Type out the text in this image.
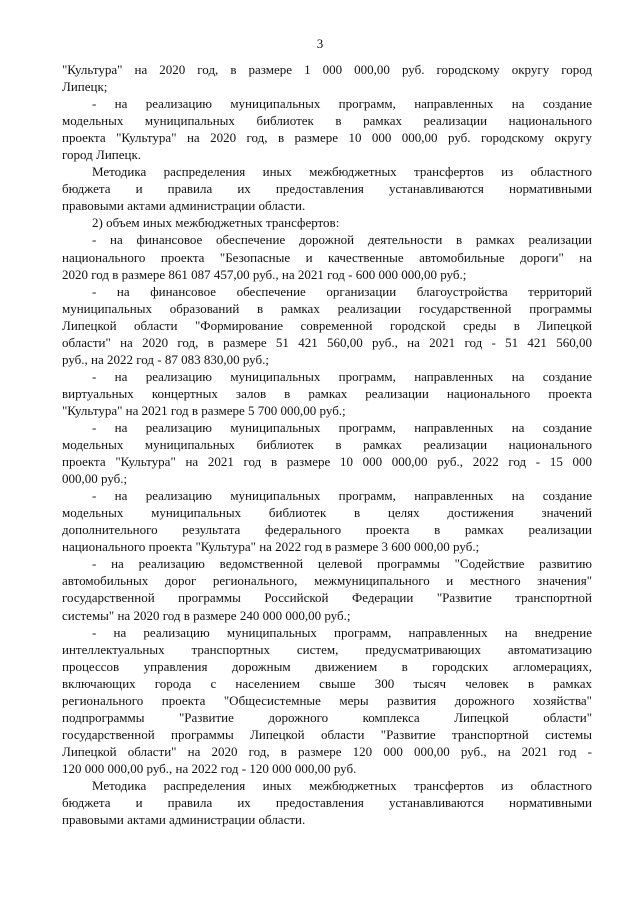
3
"Культура" на 2020 год, в размере 1 000 000,00 руб. городскому округу город
Липецк;
- на реализацию муниципальных программ, направленных на создание
модельных муниципальных библиотек в рамках реализации национального
проекта "Культура" на 2020 год, в размере 10 000 000,00 руб. городскому округу
город Липецк.
Методика распределения иных межбюджетных трансфертов из областного
бюджета и правила их предоставления устанавливаются нормативными
правовыми актами администрации области.
2) объем иных межбюджетных трансфертов:
- на финансовое обеспечение дорожной деятельности в рамках реализации
национального проекта "Безопасные и качественные автомобильные дороги" на
2020 год в размере 861 087 457,00 руб., на 2021 год - 600 000 000,00 руб.;
- на финансовое обеспечение организации благоустройства территорий
муниципальных образований в рамках реализации государственной программы
Липецкой области "Формирование современной городской среды в Липецкой
области" на 2020 год, в размере 51 421 560,00 руб., на 2021 год - 51 421 560,00
руб., на 2022 год - 87 083 830,00 руб.;
- на реализацию муниципальных программ, направленных на создание
виртуальных концертных залов в рамках реализации национального проекта
"Культура" на 2021 год в размере 5 700 000,00 руб.;
- на реализацию муниципальных программ, направленных на создание
модельных муниципальных библиотек в рамках реализации национального
проекта "Культура" на 2021 год в размере 10 000 000,00 руб., 2022 год - 15 000
000,00 руб.;
- на реализацию муниципальных программ, направленных на создание
модельных муниципальных библиотек в целях достижения значений
дополнительного результата федерального проекта в рамках реализации
национального проекта "Культура" на 2022 год в размере 3 600 000,00 руб.;
- на реализацию ведомственной целевой программы "Содействие развитию
автомобильных дорог регионального, межмуниципального и местного значения"
государственной программы Российской Федерации "Развитие транспортной
системы" на 2020 год в размере 240 000 000,00 руб.;
- на реализацию муниципальных программ, направленных на внедрение
интеллектуальных транспортных систем, предусматривающих автоматизацию
процессов управления дорожным движением в городских агломерациях,
включающих города с населением свыше 300 тысяч человек в рамках
регионального проекта "Общесистемные меры развития дорожного хозяйства"
подпрограммы "Развитие дорожного комплекса Липецкой области"
государственной программы Липецкой области "Развитие транспортной системы
Липецкой области" на 2020 год, в размере 120 000 000,00 руб., на 2021 год -
120 000 000,00 руб., на 2022 год - 120 000 000,00 руб.
Методика распределения иных межбюджетных трансфертов из областного
бюджета и правила их предоставления устанавливаются нормативными
правовыми актами администрации области.
